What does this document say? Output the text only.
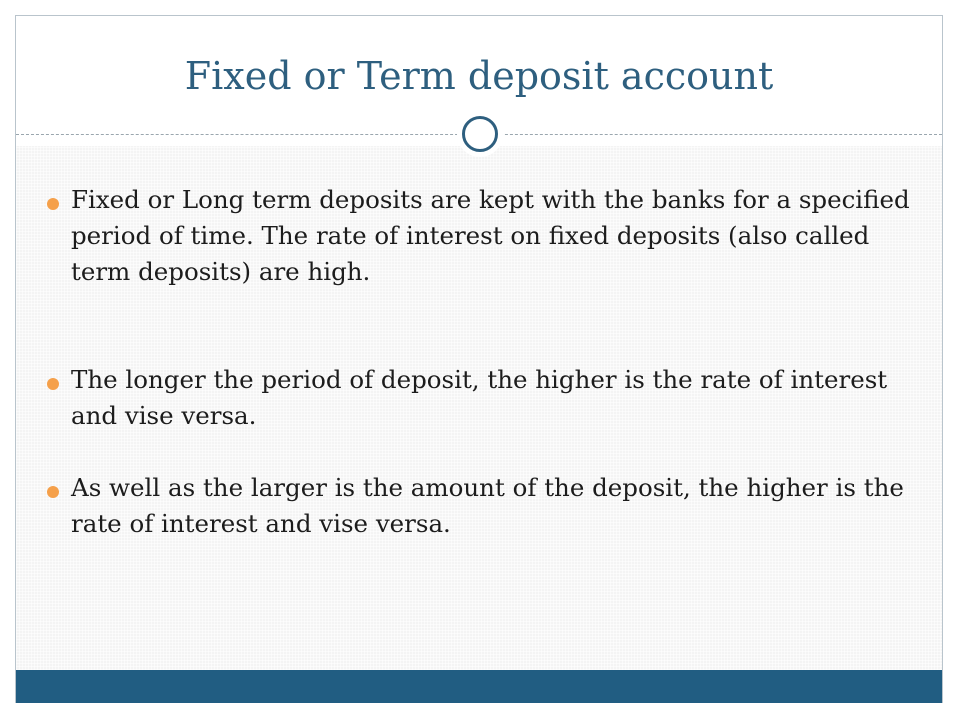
Fixed or Term deposit account
Fixed or Long term deposits are kept with the banks for a specified period of time. The rate of interest on fixed deposits (also called term deposits) are high.
The longer the period of deposit, the higher is the rate of interest and vise versa.
As well as the larger is the amount of the deposit, the higher is the rate of interest and vise versa.
